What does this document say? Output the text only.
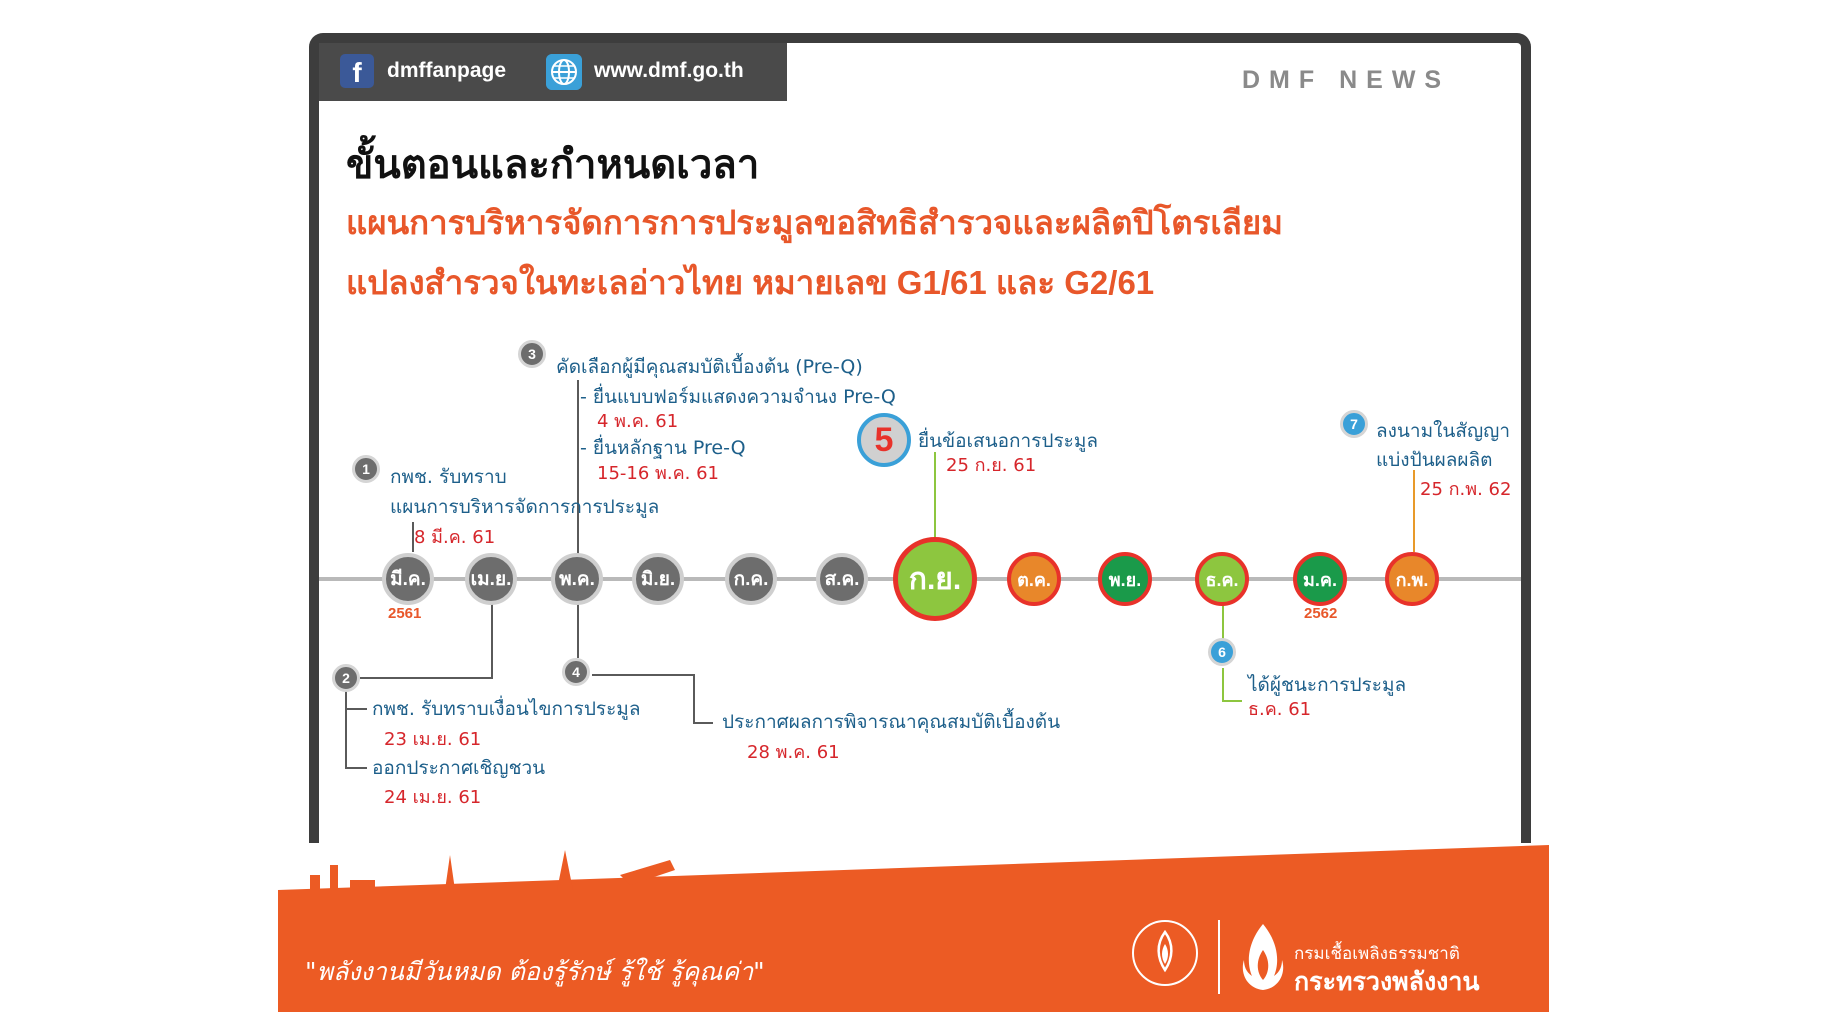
f	dmffanpage	www.dmf.go.th	DMF NEWS
ขั้นตอนและกำหนดเวลา
แผนการบริหารจัดการการประมูลขอสิทธิสำรวจและผลิตปิโตรเลียม
แปลงสำรวจในทะเลอ่าวไทย หมายเลข G1/61 และ G2/61
มี.ค.	เม.ย.	พ.ค.	มิ.ย.	ก.ค.	ส.ค.	ก.ย.	ต.ค.	พ.ย.	ธ.ค.	ม.ค.	ก.พ.
2561	2562
1	กพช. รับทราบ
แผนการบริหารจัดการการประมูล
8 มี.ค. 61
2
กพช. รับทราบเงื่อนไขการประมูล
23 เม.ย. 61
ออกประกาศเชิญชวน
24 เม.ย. 61
3
คัดเลือกผู้มีคุณสมบัติเบื้องต้น (Pre-Q)
- ยื่นแบบฟอร์มแสดงความจำนง Pre-Q
4 พ.ค. 61
- ยื่นหลักฐาน Pre-Q
15-16 พ.ค. 61
4
ประกาศผลการพิจารณาคุณสมบัติเบื้องต้น
28 พ.ค. 61
5	ยื่นข้อเสนอการประมูล
25 ก.ย. 61
6
ได้ผู้ชนะการประมูล
ธ.ค. 61
7 ลงนามในสัญญา
แบ่งปันผลผลิต
25 ก.พ. 62
"พลังงานมีวันหมด ต้องรู้รักษ์ รู้ใช้ รู้คุณค่า"
กรมเชื้อเพลิงธรรมชาติ
กระทรวงพลังงาน
